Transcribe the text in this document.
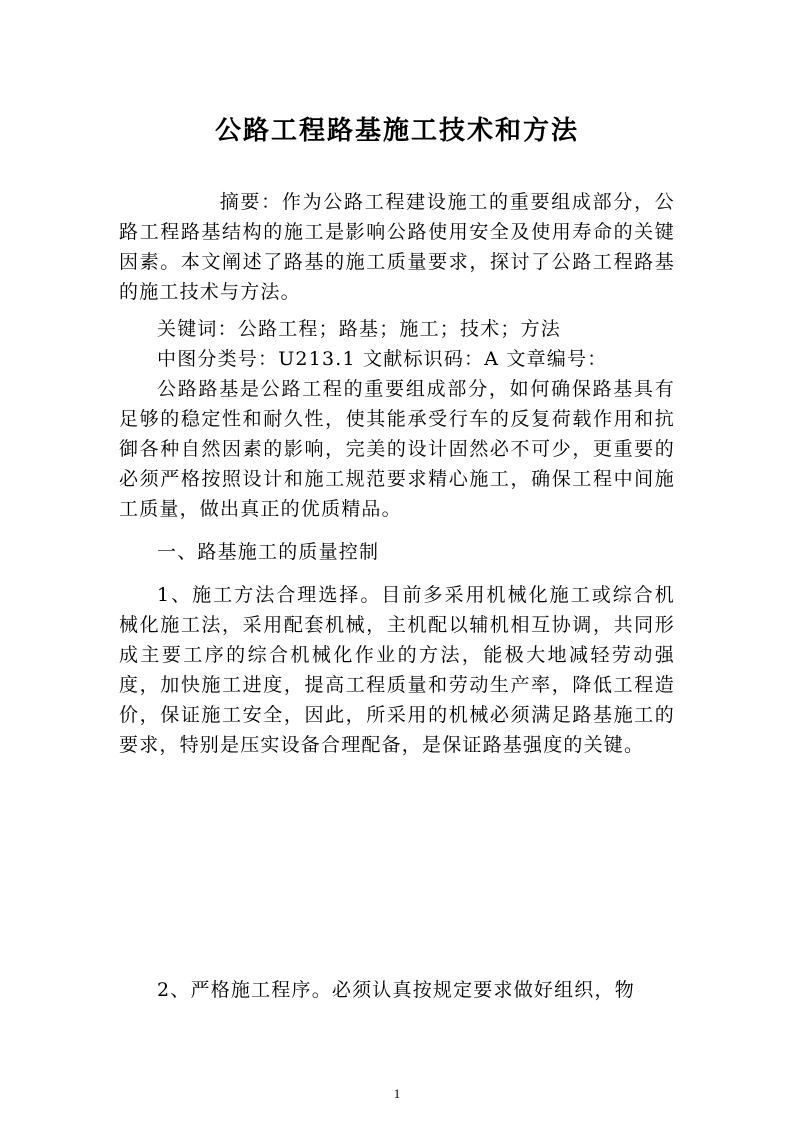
公路工程路基施工技术和方法

摘要：作为公路工程建设施工的重要组成部分，公路工程路基结构的施工是影响公路使用安全及使用寿命的关键因素。本文阐述了路基的施工质量要求，探讨了公路工程路基的施工技术与方法。

关键词：公路工程；路基；施工；技术；方法

中图分类号：U213.1 文献标识码：A 文章编号：

公路路基是公路工程的重要组成部分，如何确保路基具有足够的稳定性和耐久性，使其能承受行车的反复荷载作用和抗御各种自然因素的影响，完美的设计固然必不可少，更重要的必须严格按照设计和施工规范要求精心施工，确保工程中间施工质量，做出真正的优质精品。

一、路基施工的质量控制

1、施工方法合理选择。目前多采用机械化施工或综合机械化施工法，采用配套机械，主机配以辅机相互协调，共同形成主要工序的综合机械化作业的方法，能极大地减轻劳动强度，加快施工进度，提高工程质量和劳动生产率，降低工程造价，保证施工安全，因此，所采用的机械必须满足路基施工的要求，特别是压实设备合理配备，是保证路基强度的关键。

2、严格施工程序。必须认真按规定要求做好组织，物

1
